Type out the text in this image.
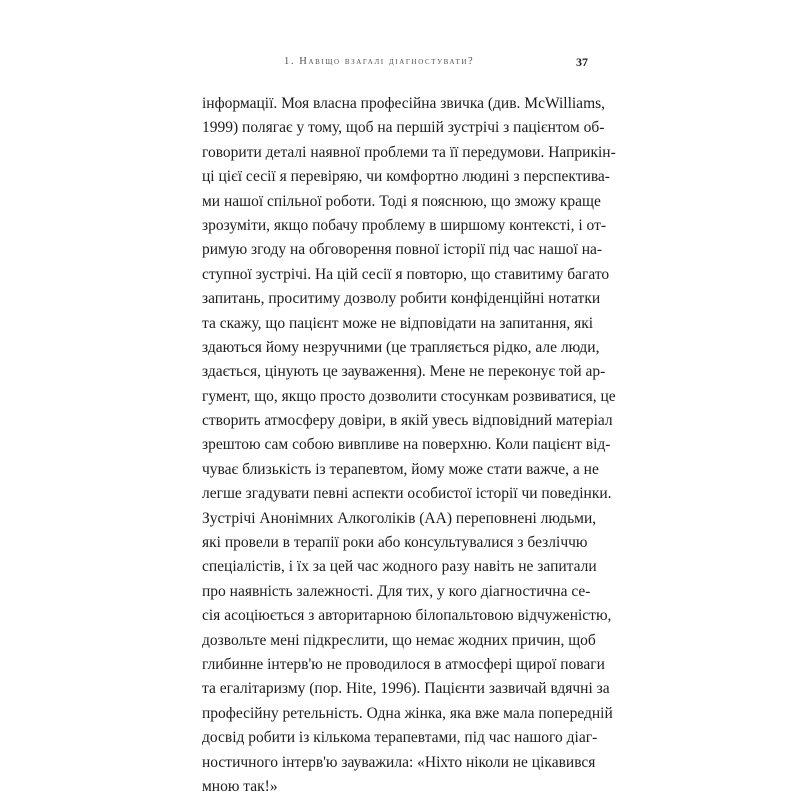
1. Навіщо взагалі діагностувати?	37
інформації. Моя власна професійна звичка (див. McWilliams,
1999) полягає у тому, щоб на першій зустрічі з пацієнтом об-
говорити деталі наявної проблеми та її передумови. Наприкін-
ці цієї сесії я перевіряю, чи комфортно людині з перспектива-
ми нашої спільної роботи. Тоді я пояснюю, що зможу краще
зрозуміти, якщо побачу проблему в ширшому контексті, і от-
римую згоду на обговорення повної історії під час нашої на-
ступної зустрічі. На цій сесії я повторю, що ставитиму багато
запитань, проситиму дозволу робити конфіденційні нотатки
та скажу, що пацієнт може не відповідати на запитання, які
здаються йому незручними (це трапляється рідко, але люди,
здається, цінують це зауваження). Мене не переконує той ар-
гумент, що, якщо просто дозволити стосункам розвиватися, це
створить атмосферу довіри, в якій увесь відповідний матеріал
зрештою сам собою вивпливе на поверхню. Коли пацієнт від-
чуває близькість із терапевтом, йому може стати важче, а не
легше згадувати певні аспекти особистої історії чи поведінки.
Зустрічі Анонімних Алкоголіків (АА) переповнені людьми,
які провели в терапії роки або консультувалися з безліччю
спеціалістів, і їх за цей час жодного разу навіть не запитали
про наявність залежності. Для тих, у кого діагностична се-
сія асоціюється з авторитарною білопальтовою відчуженістю,
дозвольте мені підкреслити, що немає жодних причин, щоб
глибинне інтерв'ю не проводилося в атмосфері щирої поваги
та егалітаризму (пор. Hite, 1996). Пацієнти зазвичай вдячні за
професійну ретельність. Одна жінка, яка вже мала попередній
досвід робити із кількома терапевтами, під час нашого діаг-
ностичного інтерв'ю зауважила: «Ніхто ніколи не цікавився
мною так!»
